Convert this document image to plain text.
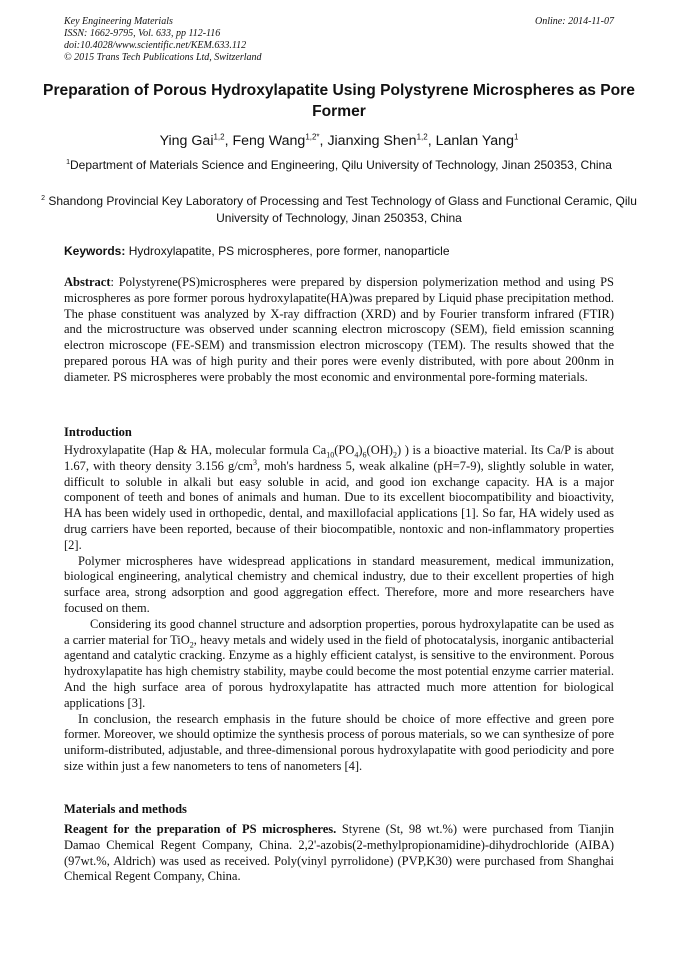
Key Engineering Materials
ISSN: 1662-9795, Vol. 633, pp 112-116
doi:10.4028/www.scientific.net/KEM.633.112
© 2015 Trans Tech Publications Ltd, Switzerland
Online: 2014-11-07
Preparation of Porous Hydroxylapatite Using Polystyrene Microspheres as Pore Former
Ying Gai$^{1,2}$, Feng Wang$^{1,2*}$, Jianxing Shen$^{1,2}$, Lanlan Yang$^1$
$^1$Department of Materials Science and Engineering, Qilu University of Technology, Jinan 250353, China
$^2$ Shandong Provincial Key Laboratory of Processing and Test Technology of Glass and Functional Ceramic, Qilu University of Technology, Jinan 250353, China
Keywords: Hydroxylapatite, PS microspheres, pore former, nanoparticle

Abstract: Polystyrene(PS)microspheres were prepared by dispersion polymerization method and using PS microspheres as pore former porous hydroxylapatite(HA)was prepared by Liquid phase precipitation method. The phase constituent was analyzed by X-ray diffraction (XRD) and by Fourier transform infrared (FTIR) and the microstructure was observed under scanning electron microscopy (SEM), field emission scanning electron microscope (FE-SEM) and transmission electron microscopy (TEM). The results showed that the prepared porous HA was of high purity and their pores were evenly distributed, with pore about 200nm in diameter. PS microspheres were probably the most economic and environmental pore-forming materials.

Introduction

Hydroxylapatite (Hap & HA, molecular formula $Ca_{10}(PO_4)_6(OH)_2$) ) is a bioactive material. Its Ca/P is about 1.67, with theory density 3.156 $g/cm^3$, moh's hardness 5, weak alkaline (pH=7-9), slightly soluble in water, difficult to soluble in alkali but easy soluble in acid, and good ion exchange capacity. HA is a major component of teeth and bones of animals and human. Due to its excellent biocompatibility and bioactivity, HA has been widely used in orthopedic, dental, and maxillofacial applications [1]. So far, HA widely used as drug carriers have been reported, because of their biocompatible, nontoxic and non-inflammatory properties [2].

Polymer microspheres have widespread applications in standard measurement, medical immunization, biological engineering, analytical chemistry and chemical industry, due to their excellent properties of high surface area, strong adsorption and good aggregation effect. Therefore, more and more researchers have focused on them.

Considering its good channel structure and adsorption properties, porous hydroxylapatite can be used as a carrier material for TiO$_2$, heavy metals and widely used in the field of photocatalysis, inorganic antibacterial agentand and catalytic cracking. Enzyme as a highly efficient catalyst, is sensitive to the environment. Porous hydroxylapatite has high chemistry stability, maybe could become the most potential enzyme carrier material. And the high surface area of porous hydroxylapatite has attracted much more attention for biological applications [3].

In conclusion, the research emphasis in the future should be choice of more effective and green pore former. Moreover, we should optimize the synthesis process of porous materials, so we can synthesize of pore uniform-distributed, adjustable, and three-dimensional porous hydroxylapatite with good periodicity and pore size within just a few nanometers to tens of nanometers [4].

Materials and methods

Reagent for the preparation of PS microspheres. Styrene (St, 98 wt.%) were purchased from Tianjin Damao Chemical Regent Company, China. 2,2'-azobis(2-methylpropionamidine)-dihydrochloride (AIBA) (97wt.%, Aldrich) was used as received. Poly(vinyl pyrrolidone) (PVP,K30) were purchased from Shanghai Chemical Regent Company, China.
